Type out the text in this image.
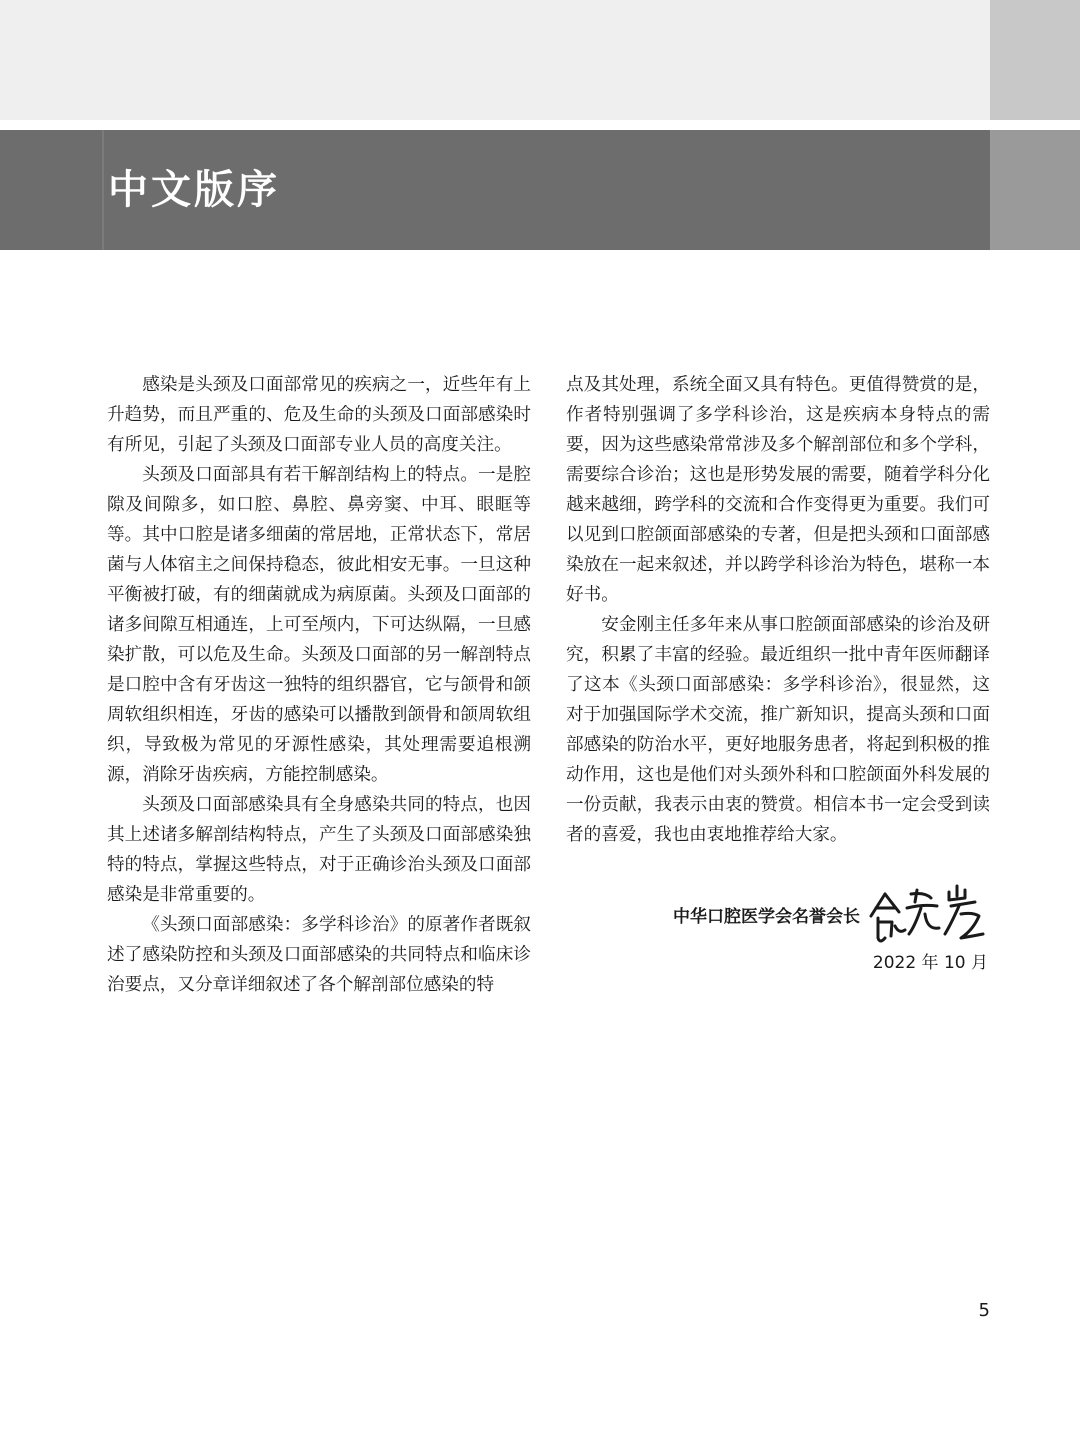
中文版序

感染是头颈及口面部常见的疾病之一，近些年有上升趋势，而且严重的、危及生命的头颈及口面部感染时有所见，引起了头颈及口面部专业人员的高度关注。

头颈及口面部具有若干解剖结构上的特点。一是腔隙及间隙多，如口腔、鼻腔、鼻旁窦、中耳、眼眶等等。其中口腔是诸多细菌的常居地，正常状态下，常居菌与人体宿主之间保持稳态，彼此相安无事。一旦这种平衡被打破，有的细菌就成为病原菌。头颈及口面部的诸多间隙互相通连，上可至颅内，下可达纵隔，一旦感染扩散，可以危及生命。头颈及口面部的另一解剖特点是口腔中含有牙齿这一独特的组织器官，它与颌骨和颌周软组织相连，牙齿的感染可以播散到颌骨和颌周软组织，导致极为常见的牙源性感染，其处理需要追根溯源，消除牙齿疾病，方能控制感染。

头颈及口面部感染具有全身感染共同的特点，也因其上述诸多解剖结构特点，产生了头颈及口面部感染独特的特点，掌握这些特点，对于正确诊治头颈及口面部感染是非常重要的。

《头颈口面部感染：多学科诊治》的原著作者既叙述了感染防控和头颈及口面部感染的共同特点和临床诊治要点，又分章详细叙述了各个解剖部位感染的特

点及其处理，系统全面又具有特色。更值得赞赏的是，作者特别强调了多学科诊治，这是疾病本身特点的需要，因为这些感染常常涉及多个解剖部位和多个学科，需要综合诊治；这也是形势发展的需要，随着学科分化越来越细，跨学科的交流和合作变得更为重要。我们可以见到口腔颌面部感染的专著，但是把头颈和口面部感染放在一起来叙述，并以跨学科诊治为特色，堪称一本好书。

安金刚主任多年来从事口腔颌面部感染的诊治及研究，积累了丰富的经验。最近组织一批中青年医师翻译了这本《头颈口面部感染：多学科诊治》，很显然，这对于加强国际学术交流，推广新知识，提高头颈和口面部感染的防治水平，更好地服务患者，将起到积极的推动作用，这也是他们对头颈外科和口腔颌面外科发展的一份贡献，我表示由衷的赞赏。相信本书一定会受到读者的喜爱，我也由衷地推荐给大家。

中华口腔医学会名誉会长
2022 年 10 月
5
